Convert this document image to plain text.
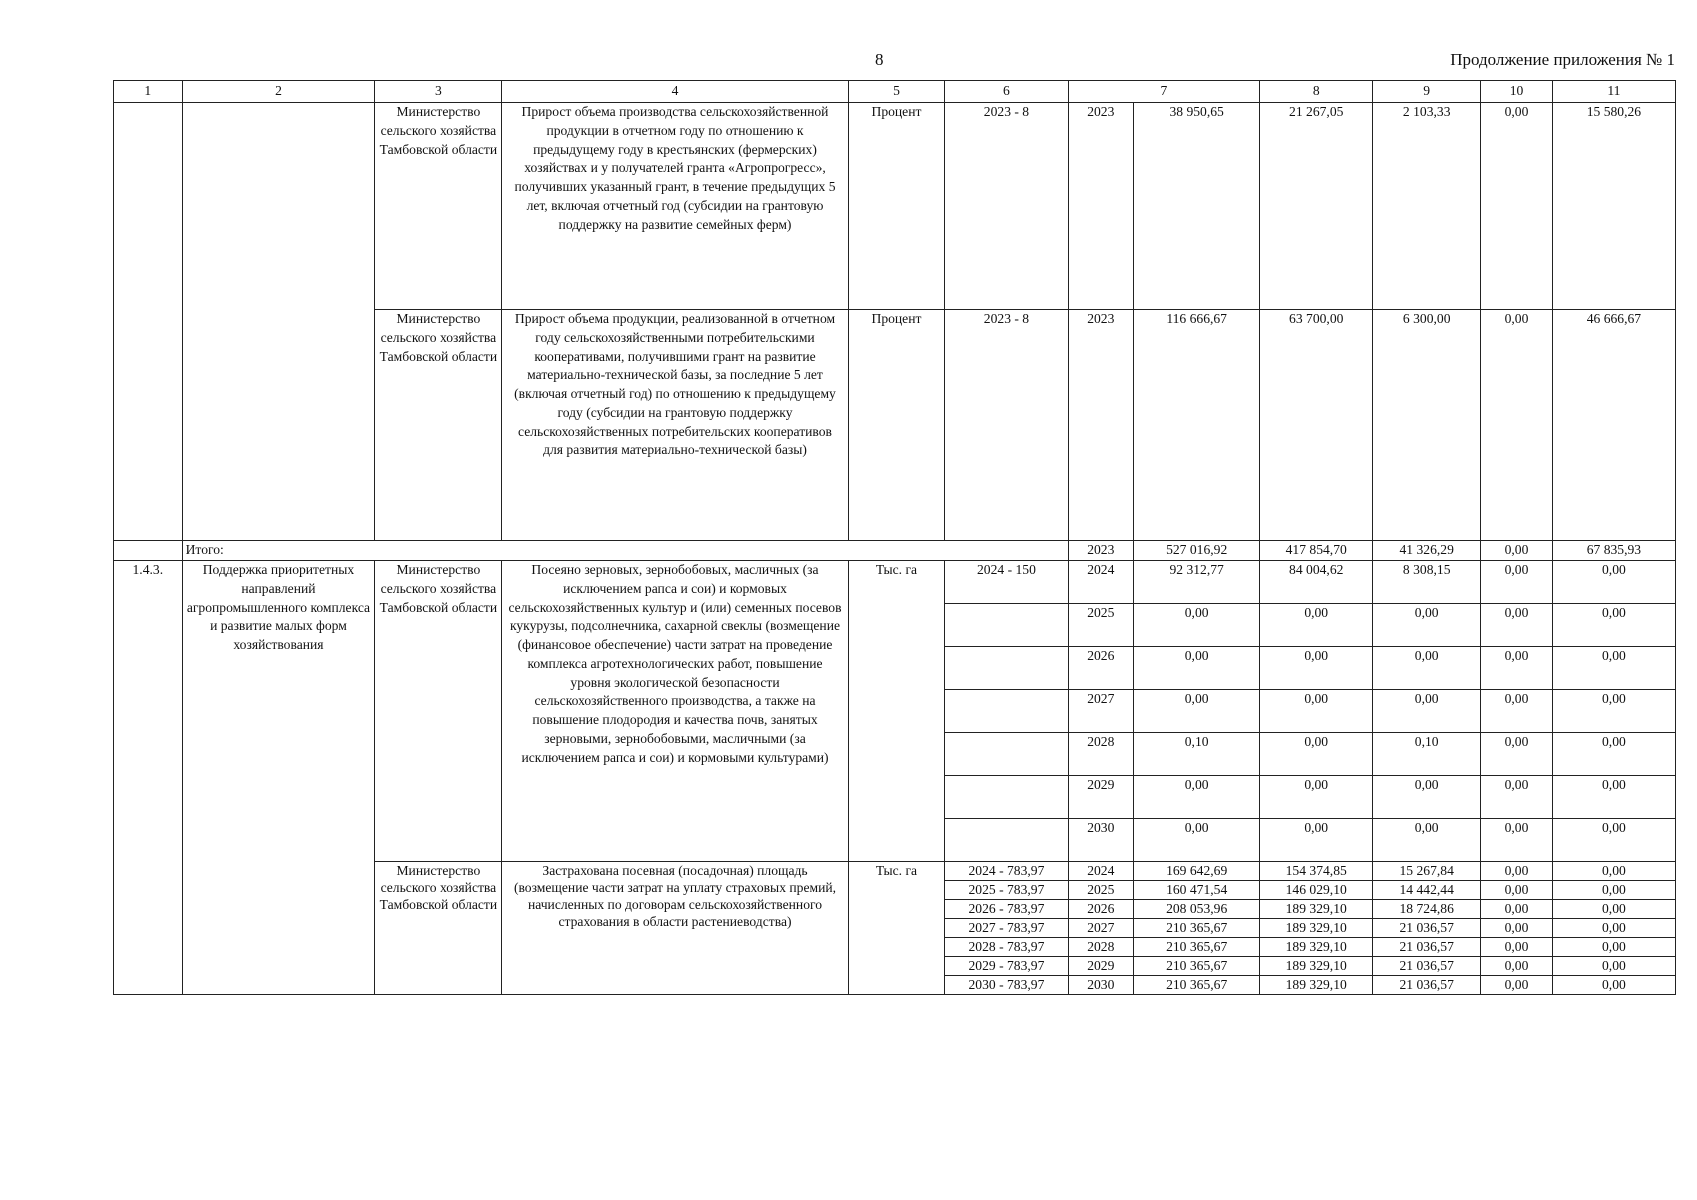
8	Продолжение приложения № 1
1	2	3	4	5	6	7		8	9	10	11
		Министерство сельского хозяйства Тамбовской области	Прирост объема производства сельскохозяйственной продукции в отчетном году по отношению к предыдущему году в крестьянских (фермерских) хозяйствах и у получателей гранта «Агропрогресс», получивших указанный грант, в течение предыдущих 5 лет, включая отчетный год (субсидии на грантовую поддержку на развитие семейных ферм)	Процент	2023 - 8	2023	38 950,65	21 267,05	2 103,33	0,00	15 580,26
		Министерство сельского хозяйства Тамбовской области	Прирост объема продукции, реализованной в отчетном году сельскохозяйственными потребительскими кооперативами, получившими грант на развитие материально-технической базы, за последние 5 лет (включая отчетный год) по отношению к предыдущему году (субсидии на грантовую поддержку сельскохозяйственных потребительских кооперативов для развития материально-технической базы)	Процент	2023 - 8	2023	116 666,67	63 700,00	6 300,00	0,00	46 666,67
	Итого:					2023	527 016,92	417 854,70	41 326,29	0,00	67 835,93
1.4.3.	Поддержка приоритетных направлений агропромышленного комплекса и развитие малых форм хозяйствования	Министерство сельского хозяйства Тамбовской области	Посеяно зерновых, зернобобовых, масличных (за исключением рапса и сои) и кормовых сельскохозяйственных культур и (или) семенных посевов кукурузы, подсолнечника, сахарной свеклы (возмещение (финансовое обеспечение) части затрат на проведение комплекса агротехнологических работ, повышение уровня экологической безопасности сельскохозяйственного производства, а также на повышение плодородия и качества почв, занятых зерновыми, зернобобовыми, масличными (за исключением рапса и сои) и кормовыми культурами)	Тыс. га	2024 - 150	2024	92 312,77	84 004,62	8 308,15	0,00	0,00
						2025	0,00	0,00	0,00	0,00	0,00
						2026	0,00	0,00	0,00	0,00	0,00
						2027	0,00	0,00	0,00	0,00	0,00
						2028	0,10	0,00	0,10	0,00	0,00
						2029	0,00	0,00	0,00	0,00	0,00
						2030	0,00	0,00	0,00	0,00	0,00
		Министерство сельского хозяйства Тамбовской области	Застрахована посевная (посадочная) площадь (возмещение части затрат на уплату страховых премий, начисленных по договорам сельскохозяйственного страхования в области растениеводства)	Тыс. га	2024 - 783,97	2024	169 642,69	154 374,85	15 267,84	0,00	0,00
					2025 - 783,97	2025	160 471,54	146 029,10	14 442,44	0,00	0,00
					2026 - 783,97	2026	208 053,96	189 329,10	18 724,86	0,00	0,00
					2027 - 783,97	2027	210 365,67	189 329,10	21 036,57	0,00	0,00
					2028 - 783,97	2028	210 365,67	189 329,10	21 036,57	0,00	0,00
					2029 - 783,97	2029	210 365,67	189 329,10	21 036,57	0,00	0,00
					2030 - 783,97	2030	210 365,67	189 329,10	21 036,57	0,00	0,00
